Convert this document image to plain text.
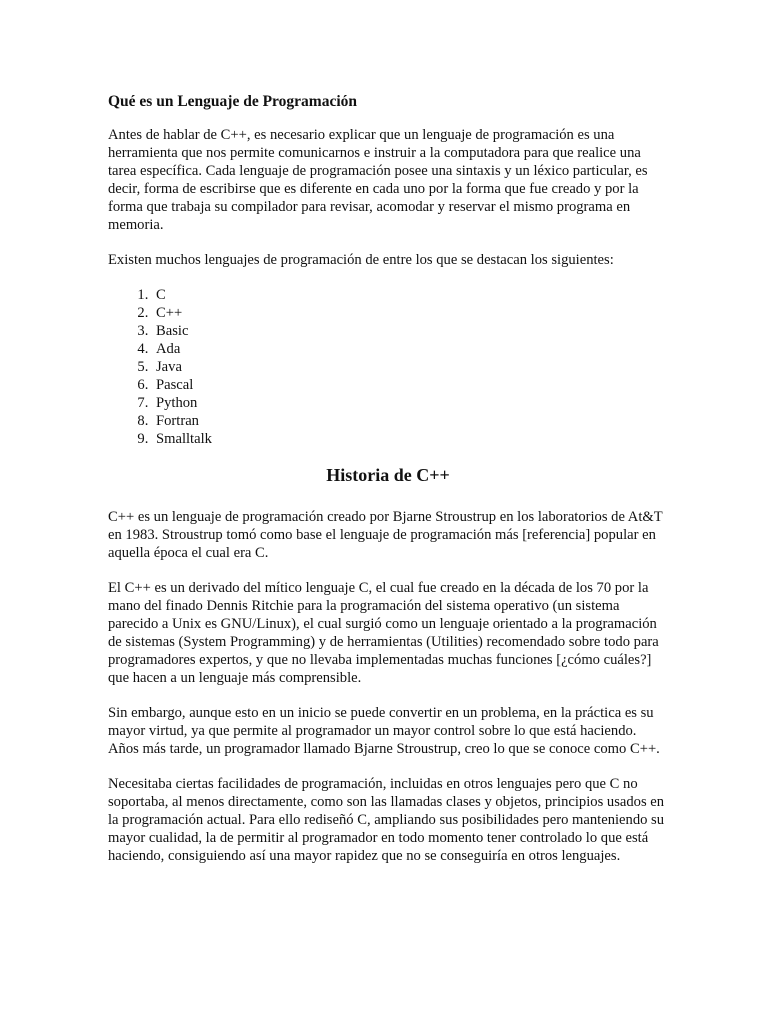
Qué es un Lenguaje de Programación

Antes de hablar de C++, es necesario explicar que un lenguaje de programación es una herramienta que nos permite comunicarnos e instruir a la computadora para que realice una tarea específica. Cada lenguaje de programación posee una sintaxis y un léxico particular, es decir, forma de escribirse que es diferente en cada uno por la forma que fue creado y por la forma que trabaja su compilador para revisar, acomodar y reservar el mismo programa en memoria.

Existen muchos lenguajes de programación de entre los que se destacan los siguientes:

1. C
2. C++
3. Basic
4. Ada
5. Java
6. Pascal
7. Python
8. Fortran
9. Smalltalk
Historia de C++

C++ es un lenguaje de programación creado por Bjarne Stroustrup en los laboratorios de At&T en 1983. Stroustrup tomó como base el lenguaje de programación más [referencia] popular en aquella época el cual era C.

El C++ es un derivado del mítico lenguaje C, el cual fue creado en la década de los 70 por la mano del finado Dennis Ritchie para la programación del sistema operativo (un sistema parecido a Unix es GNU/Linux), el cual surgió como un lenguaje orientado a la programación de sistemas (System Programming) y de herramientas (Utilities) recomendado sobre todo para programadores expertos, y que no llevaba implementadas muchas funciones [¿cómo cuáles?] que hacen a un lenguaje más comprensible.

Sin embargo, aunque esto en un inicio se puede convertir en un problema, en la práctica es su mayor virtud, ya que permite al programador un mayor control sobre lo que está haciendo. Años más tarde, un programador llamado Bjarne Stroustrup, creo lo que se conoce como C++.

Necesitaba ciertas facilidades de programación, incluidas en otros lenguajes pero que C no soportaba, al menos directamente, como son las llamadas clases y objetos, principios usados en la programación actual. Para ello rediseñó C, ampliando sus posibilidades pero manteniendo su mayor cualidad, la de permitir al programador en todo momento tener controlado lo que está haciendo, consiguiendo así una mayor rapidez que no se conseguiría en otros lenguajes.
